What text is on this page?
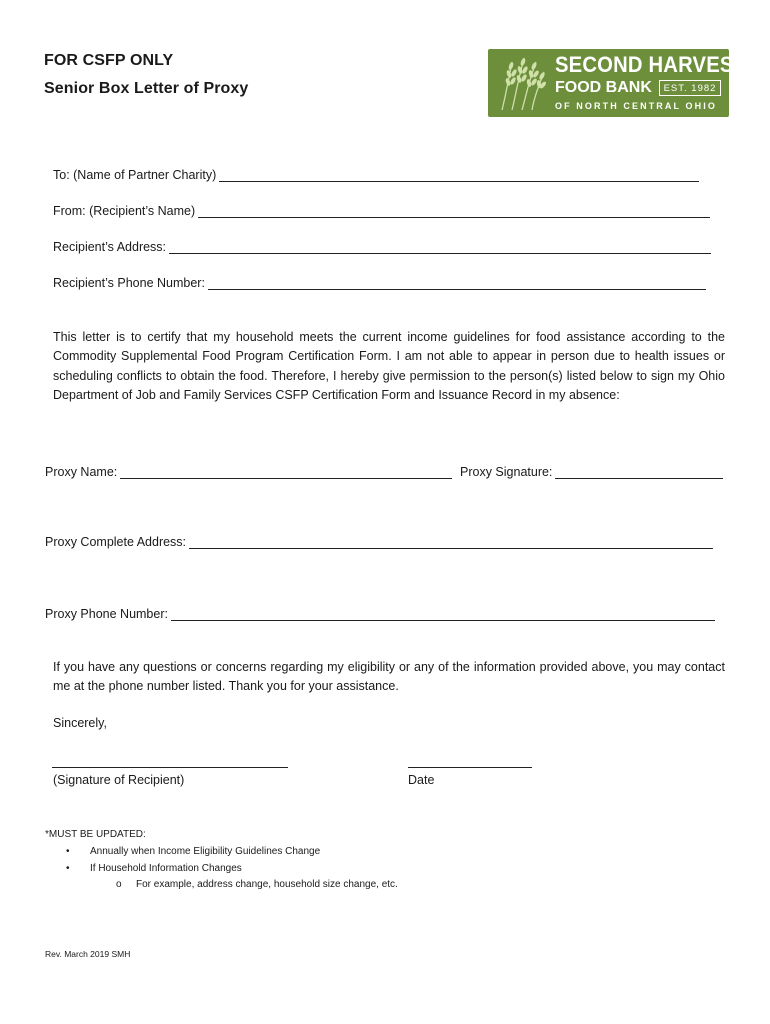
FOR CSFP ONLY
Senior Box Letter of Proxy
SECOND HARVEST
FOOD BANK	EST. 1982
OF NORTH CENTRAL OHIO
To: (Name of Partner Charity)
From: (Recipient’s Name)
Recipient’s Address:
Recipient’s Phone Number:
This letter is to certify that my household meets the current income guidelines for food assistance according to the Commodity Supplemental Food Program Certification Form. I am not able to appear in person due to health issues or scheduling conflicts to obtain the food. Therefore, I hereby give permission to the person(s) listed below to sign my Ohio Department of Job and Family Services CSFP Certification Form and Issuance Record in my absence:
Proxy Name:	Proxy Signature:
Proxy Complete Address:
Proxy Phone Number:
If you have any questions or concerns regarding my eligibility or any of the information provided above, you may contact me at the phone number listed. Thank you for your assistance.
Sincerely,
(Signature of Recipient)	Date
*MUST BE UPDATED:
•	Annually when Income Eligibility Guidelines Change
•	If Household Information Changes
o	For example, address change, household size change, etc.
Rev. March 2019 SMH
